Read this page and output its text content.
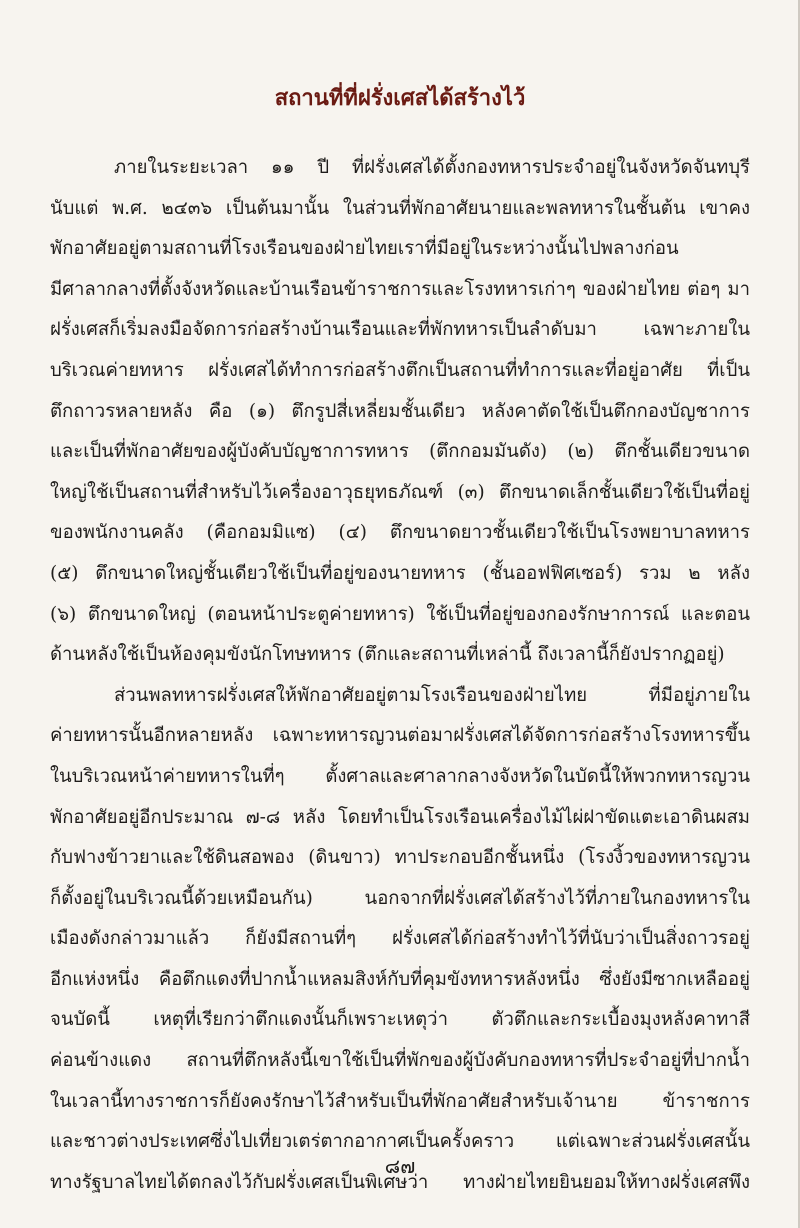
สถานที่ที่ฝรั่งเศสได้สร้างไว้
ภายในระยะเวลา ๑๑ ปี ที่ฝรั่งเศสได้ตั้งกองทหารประจำอยู่ในจังหวัดจันทบุรี
นับแต่ พ.ศ. ๒๔๓๖ เป็นต้นมานั้น ในส่วนที่พักอาศัยนายและพลทหารในชั้นต้น เขาคง
พักอาศัยอยู่ตามสถานที่โรงเรือนของฝ่ายไทยเราที่มีอยู่ในระหว่างนั้นไปพลางก่อน
มีศาลากลางที่ตั้งจังหวัดและบ้านเรือนข้าราชการและโรงทหารเก่าๆ ของฝ่ายไทย ต่อๆ มา
ฝรั่งเศสก็เริ่มลงมือจัดการก่อสร้างบ้านเรือนและที่พักทหารเป็นลำดับมา เฉพาะภายใน
บริเวณค่ายทหาร ฝรั่งเศสได้ทำการก่อสร้างตึกเป็นสถานที่ทำการและที่อยู่อาศัย ที่เป็น
ตึกถาวรหลายหลัง คือ (๑) ตึกรูปสี่เหลี่ยมชั้นเดียว หลังคาตัดใช้เป็นตึกกองบัญชาการ
และเป็นที่พักอาศัยของผู้บังคับบัญชาการทหาร (ตึกกอมมันดัง) (๒) ตึกชั้นเดียวขนาด
ใหญ่ใช้เป็นสถานที่สำหรับไว้เครื่องอาวุธยุทธภัณฑ์ (๓) ตึกขนาดเล็กชั้นเดียวใช้เป็นที่อยู่
ของพนักงานคลัง (คือกอมมิแซ) (๔) ตึกขนาดยาวชั้นเดียวใช้เป็นโรงพยาบาลทหาร
(๕) ตึกขนาดใหญ่ชั้นเดียวใช้เป็นที่อยู่ของนายทหาร (ชั้นออฟฟิศเซอร์) รวม ๒ หลัง
(๖) ตึกขนาดใหญ่ (ตอนหน้าประตูค่ายทหาร) ใช้เป็นที่อยู่ของกองรักษาการณ์ และตอน
ด้านหลังใช้เป็นห้องคุมขังนักโทษทหาร (ตึกและสถานที่เหล่านี้ ถึงเวลานี้ก็ยังปรากฏอยู่)
ส่วนพลทหารฝรั่งเศสให้พักอาศัยอยู่ตามโรงเรือนของฝ่ายไทย ที่มีอยู่ภายใน
ค่ายทหารนั้นอีกหลายหลัง เฉพาะทหารญวนต่อมาฝรั่งเศสได้จัดการก่อสร้างโรงทหารขึ้น
ในบริเวณหน้าค่ายทหารในที่ๆ ตั้งศาลและศาลากลางจังหวัดในบัดนี้ให้พวกทหารญวน
พักอาศัยอยู่อีกประมาณ ๗-๘ หลัง โดยทำเป็นโรงเรือนเครื่องไม้ไผ่ฝาขัดแตะเอาดินผสม
กับฟางข้าวยาและใช้ดินสอพอง (ดินขาว) ทาประกอบอีกชั้นหนึ่ง (โรงงิ้วของทหารญวน
ก็ตั้งอยู่ในบริเวณนี้ด้วยเหมือนกัน) นอกจากที่ฝรั่งเศสได้สร้างไว้ที่ภายในกองทหารใน
เมืองดังกล่าวมาแล้ว ก็ยังมีสถานที่ๆ ฝรั่งเศสได้ก่อสร้างทำไว้ที่นับว่าเป็นสิ่งถาวรอยู่
อีกแห่งหนึ่ง คือตึกแดงที่ปากน้ำแหลมสิงห์กับที่คุมขังทหารหลังหนึ่ง ซึ่งยังมีซากเหลืออยู่
จนบัดนี้ เหตุที่เรียกว่าตึกแดงนั้นก็เพราะเหตุว่า ตัวตึกและกระเบื้องมุงหลังคาทาสี
ค่อนข้างแดง สถานที่ตึกหลังนี้เขาใช้เป็นที่พักของผู้บังคับกองทหารที่ประจำอยู่ที่ปากน้ำ
ในเวลานี้ทางราชการก็ยังคงรักษาไว้สำหรับเป็นที่พักอาศัยสำหรับเจ้านาย ข้าราชการ
และชาวต่างประเทศซึ่งไปเที่ยวเตร่ตากอากาศเป็นครั้งคราว แต่เฉพาะส่วนฝรั่งเศสนั้น
ทางรัฐบาลไทยได้ตกลงไว้กับฝรั่งเศสเป็นพิเศษว่า ทางฝ่ายไทยยินยอมให้ทางฝรั่งเศสพึง
๘๗
